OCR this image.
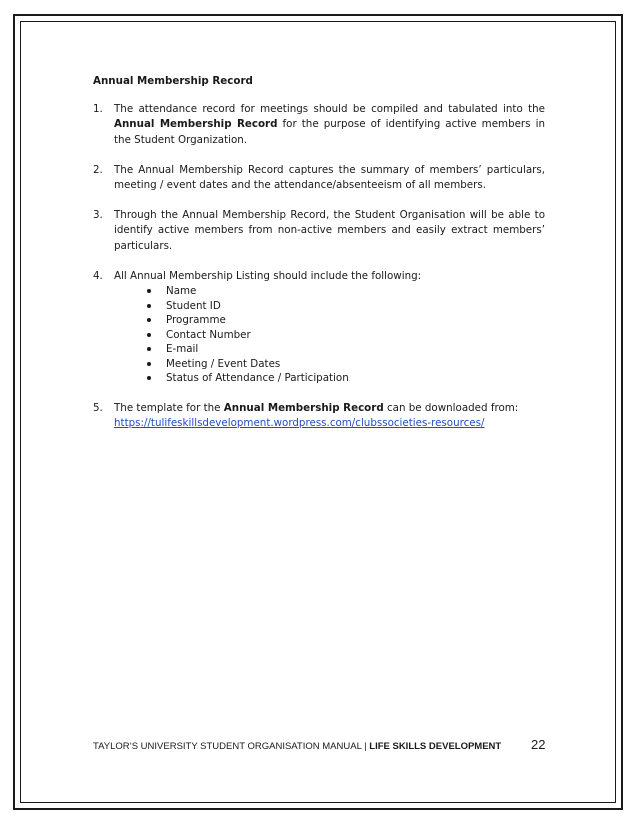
Annual Membership Record
1. The attendance record for meetings should be compiled and tabulated into the Annual Membership Record for the purpose of identifying active members in the Student Organization.
2. The Annual Membership Record captures the summary of members’ particulars, meeting / event dates and the attendance/absenteeism of all members.
3. Through the Annual Membership Record, the Student Organisation will be able to identify active members from non-active members and easily extract members’ particulars.
4. All Annual Membership Listing should include the following:
Name
Student ID
Programme
Contact Number
E-mail
Meeting / Event Dates
Status of Attendance / Participation
5. The template for the Annual Membership Record can be downloaded from:
https://tulifeskillsdevelopment.wordpress.com/clubssocieties-resources/
TAYLOR’S UNIVERSITY STUDENT ORGANISATION MANUAL | LIFE SKILLS DEVELOPMENT	22
